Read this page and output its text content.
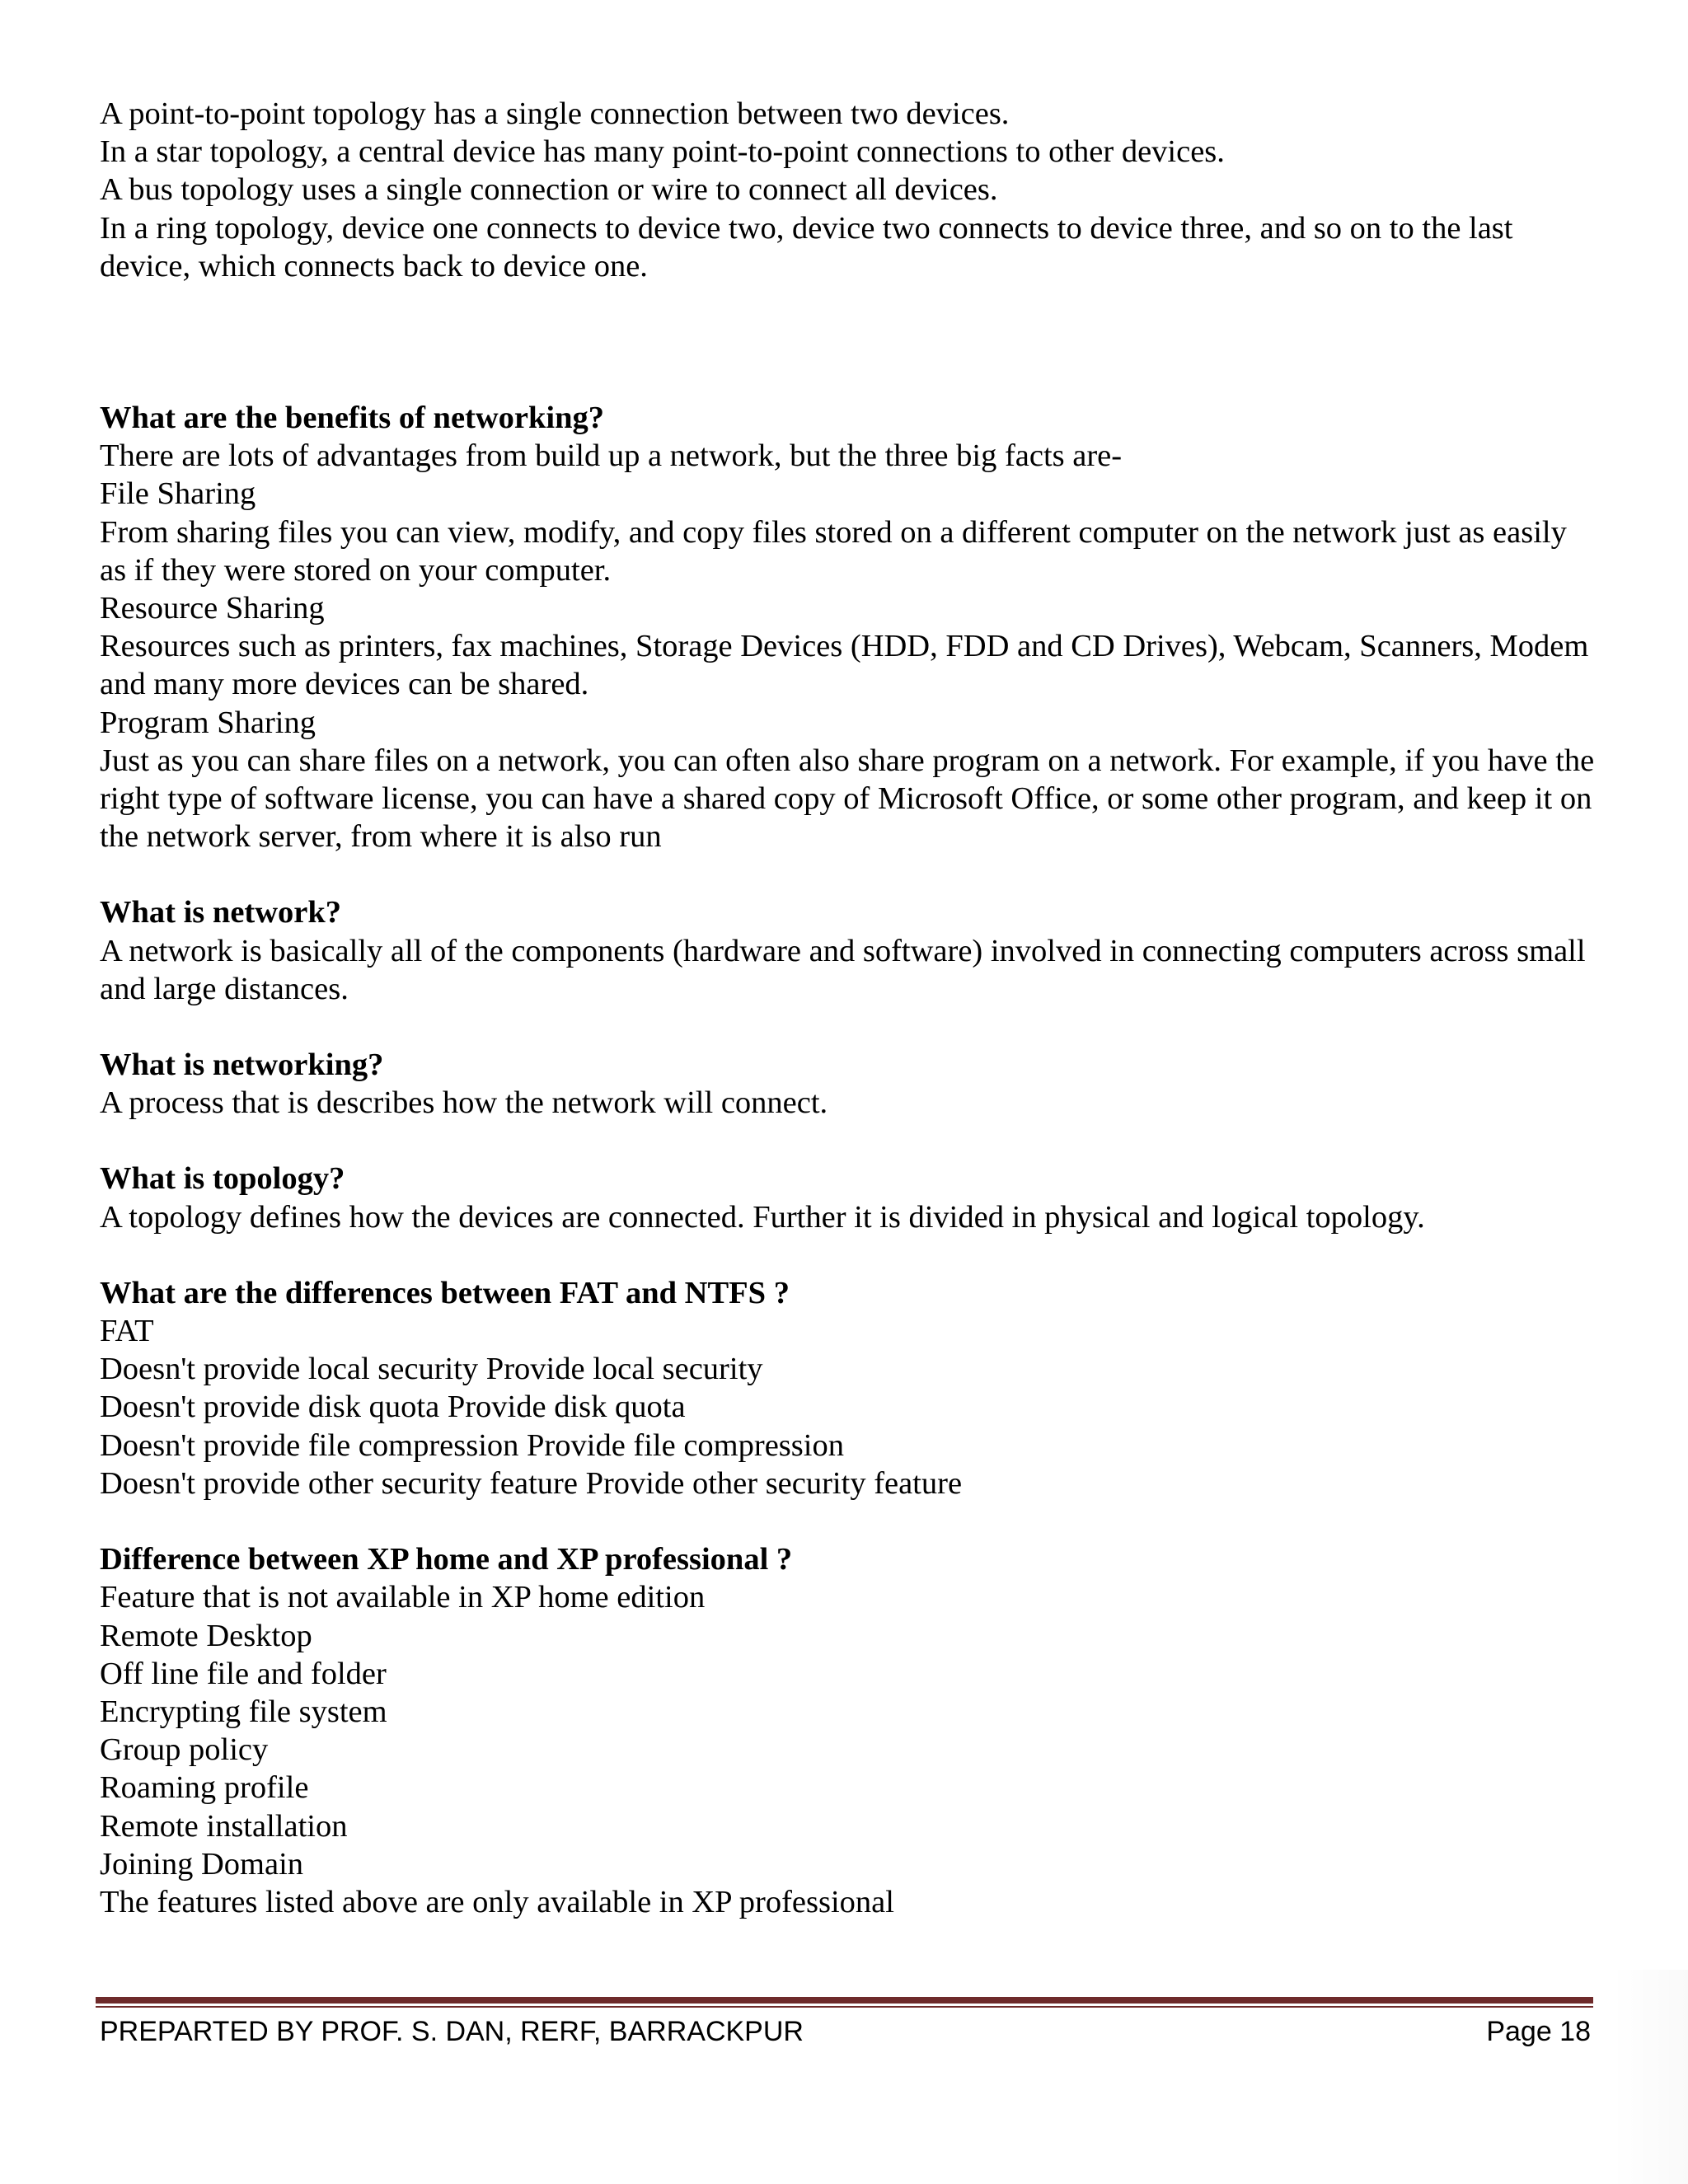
A point-to-point topology has a single connection between two devices.
In a star topology, a central device has many point-to-point connections to other devices.
A bus topology uses a single connection or wire to connect all devices.
In a ring topology, device one connects to device two, device two connects to device three, and so on to the last device, which connects back to device one.
What are the benefits of networking?
There are lots of advantages from build up a network, but the three big facts are-
File Sharing
From sharing files you can view, modify, and copy files stored on a different computer on the network just as easily as if they were stored on your computer.
Resource Sharing
Resources such as printers, fax machines, Storage Devices (HDD, FDD and CD Drives), Webcam, Scanners, Modem and many more devices can be shared.
Program Sharing
Just as you can share files on a network, you can often also share program on a network. For example, if you have the right type of software license, you can have a shared copy of Microsoft Office, or some other program, and keep it on the network server, from where it is also run
What is network?
A network is basically all of the components (hardware and software) involved in connecting computers across small and large distances.
What is networking?
A process that is describes how the network will connect.
What is topology?
A topology defines how the devices are connected. Further it is divided in physical and logical topology.
What are the differences between FAT and NTFS ?
FAT
Doesn't provide local security Provide local security
Doesn't provide disk quota Provide disk quota
Doesn't provide file compression Provide file compression
Doesn't provide other security feature Provide other security feature
Difference between XP home and XP professional ?
Feature that is not available in XP home edition
Remote Desktop
Off line file and folder
Encrypting file system
Group policy
Roaming profile
Remote installation
Joining Domain
The features listed above are only available in XP professional
PREPARTED BY PROF. S. DAN, RERF, BARRACKPUR	Page 18
